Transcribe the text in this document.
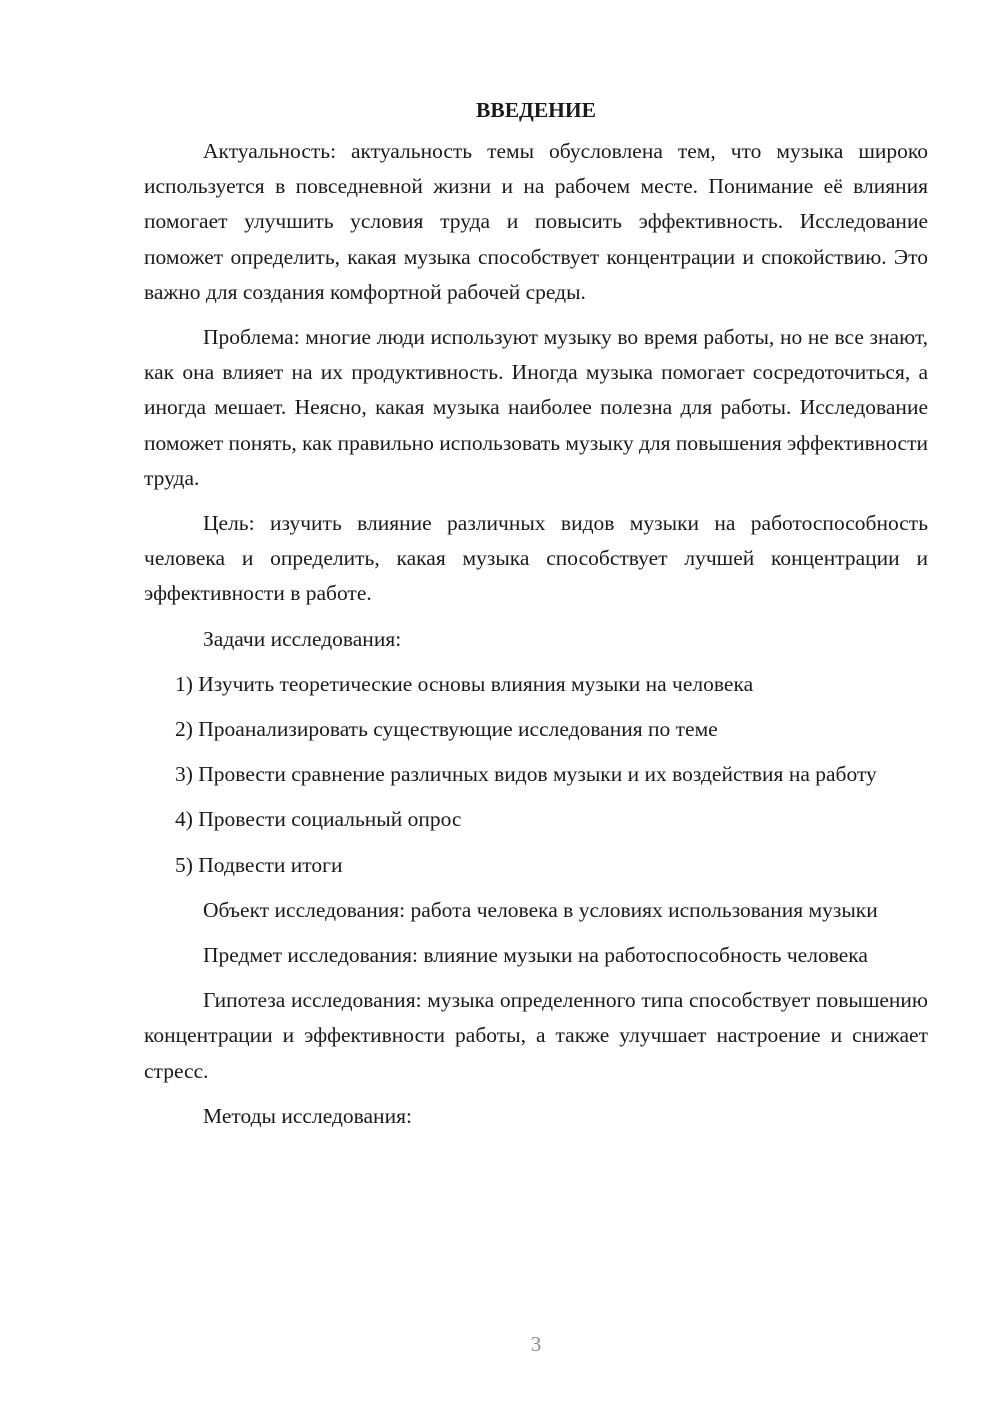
ВВЕДЕНИЕ

Актуальность: актуальность темы обусловлена тем, что музыка широко используется в повседневной жизни и на рабочем месте. Понимание её влияния помогает улучшить условия труда и повысить эффективность. Исследование поможет определить, какая музыка способствует концентрации и спокойствию. Это важно для создания комфортной рабочей среды.

Проблема: многие люди используют музыку во время работы, но не все знают, как она влияет на их продуктивность. Иногда музыка помогает сосредоточиться, а иногда мешает. Неясно, какая музыка наиболее полезна для работы. Исследование поможет понять, как правильно использовать музыку для повышения эффективности труда.

Цель: изучить влияние различных видов музыки на работоспособность человека и определить, какая музыка способствует лучшей концентрации и эффективности в работе.

Задачи исследования:

1) Изучить теоретические основы влияния музыки на человека

2) Проанализировать существующие исследования по теме

3) Провести сравнение различных видов музыки и их воздействия на работу

4) Провести социальный опрос

5) Подвести итоги

Объект исследования: работа человека в условиях использования музыки

Предмет исследования: влияние музыки на работоспособность человека

Гипотеза исследования: музыка определенного типа способствует повышению концентрации и эффективности работы, а также улучшает настроение и снижает стресс.

Методы исследования:

3
